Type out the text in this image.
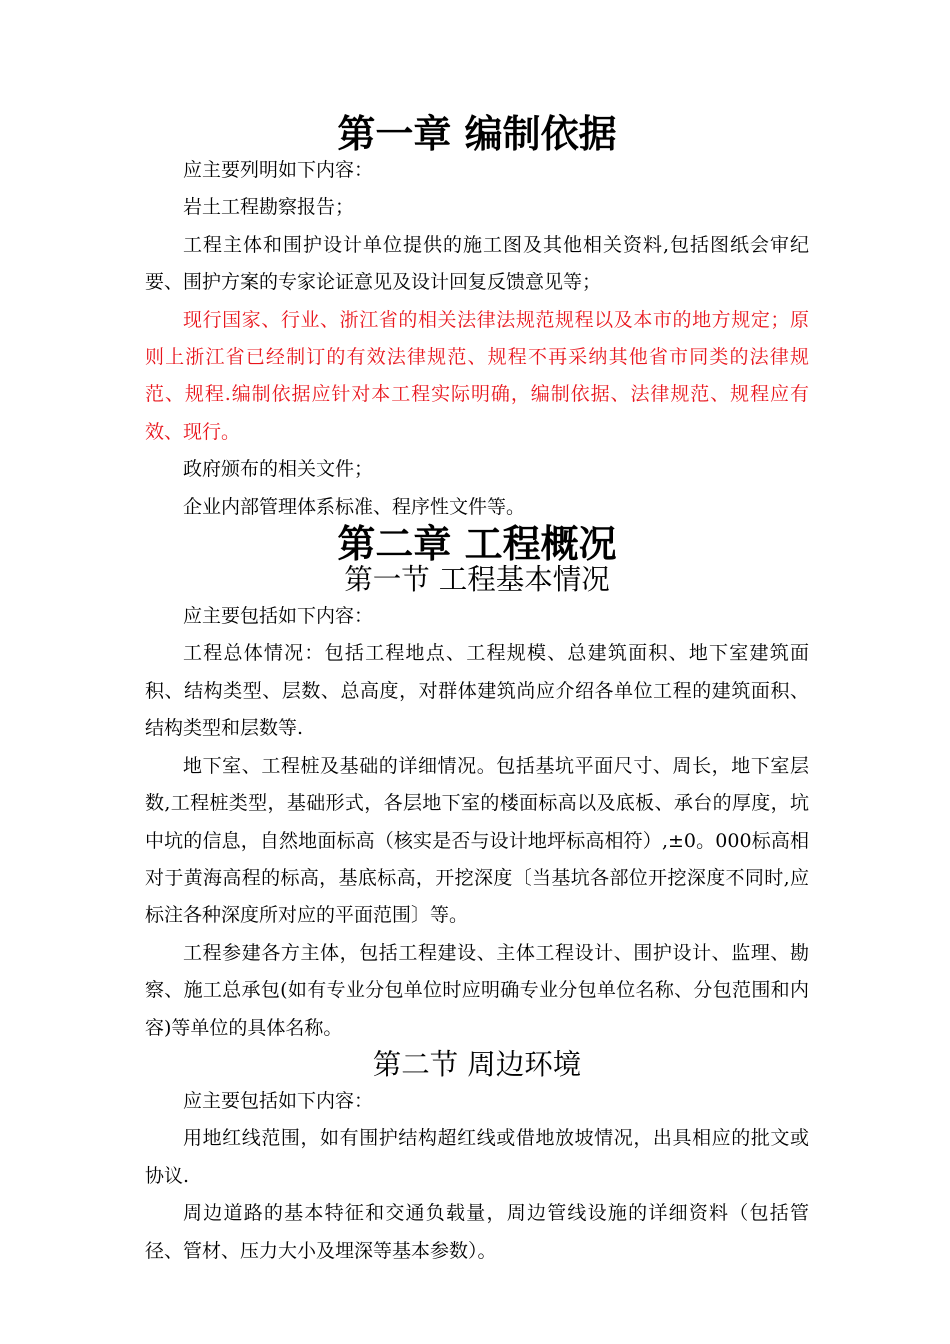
第一章 编制依据

应主要列明如下内容：

岩土工程勘察报告；

工程主体和围护设计单位提供的施工图及其他相关资料,包括图纸会审纪要、围护方案的专家论证意见及设计回复反馈意见等；

现行国家、行业、浙江省的相关法律法规范规程以及本市的地方规定；原则上浙江省已经制订的有效法律规范、规程不再采纳其他省市同类的法律规范、规程.编制依据应针对本工程实际明确，编制依据、法律规范、规程应有效、现行。

政府颁布的相关文件；

企业内部管理体系标准、程序性文件等。

第二章 工程概况
第一节 工程基本情况

应主要包括如下内容：

工程总体情况：包括工程地点、工程规模、总建筑面积、地下室建筑面积、结构类型、层数、总高度，对群体建筑尚应介绍各单位工程的建筑面积、结构类型和层数等.

地下室、工程桩及基础的详细情况。包括基坑平面尺寸、周长，地下室层数,工程桩类型，基础形式，各层地下室的楼面标高以及底板、承台的厚度，坑中坑的信息，自然地面标高（核实是否与设计地坪标高相符）,±0。000标高相对于黄海高程的标高，基底标高，开挖深度〔当基坑各部位开挖深度不同时,应标注各种深度所对应的平面范围〕等。

工程参建各方主体，包括工程建设、主体工程设计、围护设计、监理、勘察、施工总承包(如有专业分包单位时应明确专业分包单位名称、分包范围和内容)等单位的具体名称。

第二节 周边环境

应主要包括如下内容：

用地红线范围，如有围护结构超红线或借地放坡情况，出具相应的批文或协议.

周边道路的基本特征和交通负载量，周边管线设施的详细资料（包括管径、管材、压力大小及埋深等基本参数）。
